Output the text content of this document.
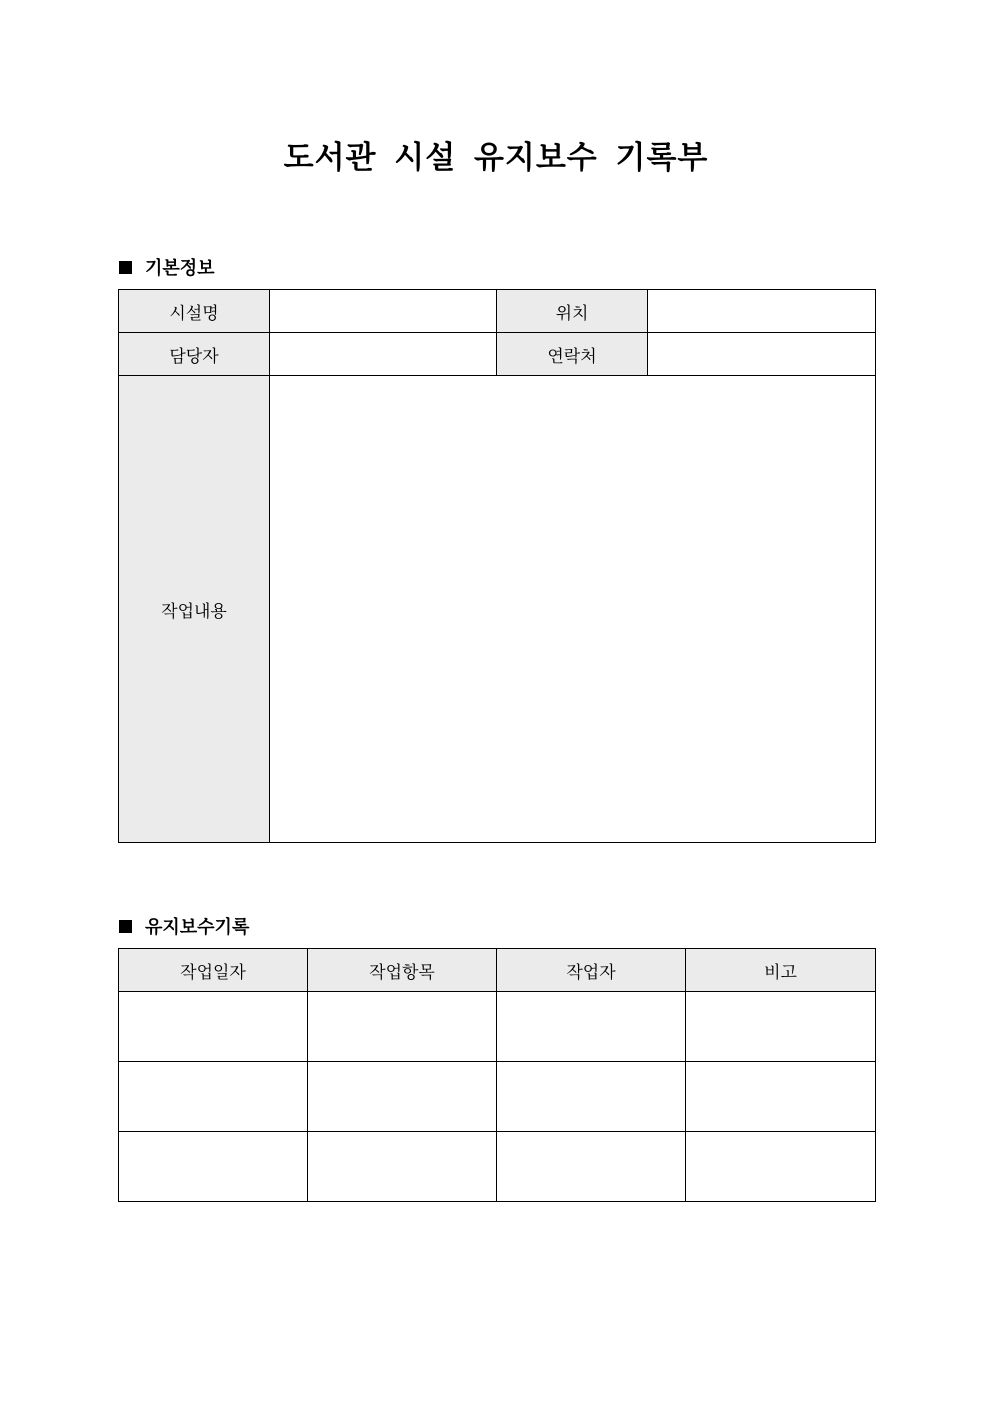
도서관 시설 유지보수 기록부
기본정보
시설명		위치	
담당자		연락처	
작업내용			
유지보수기록
작업일자	작업항목	작업자	비고
